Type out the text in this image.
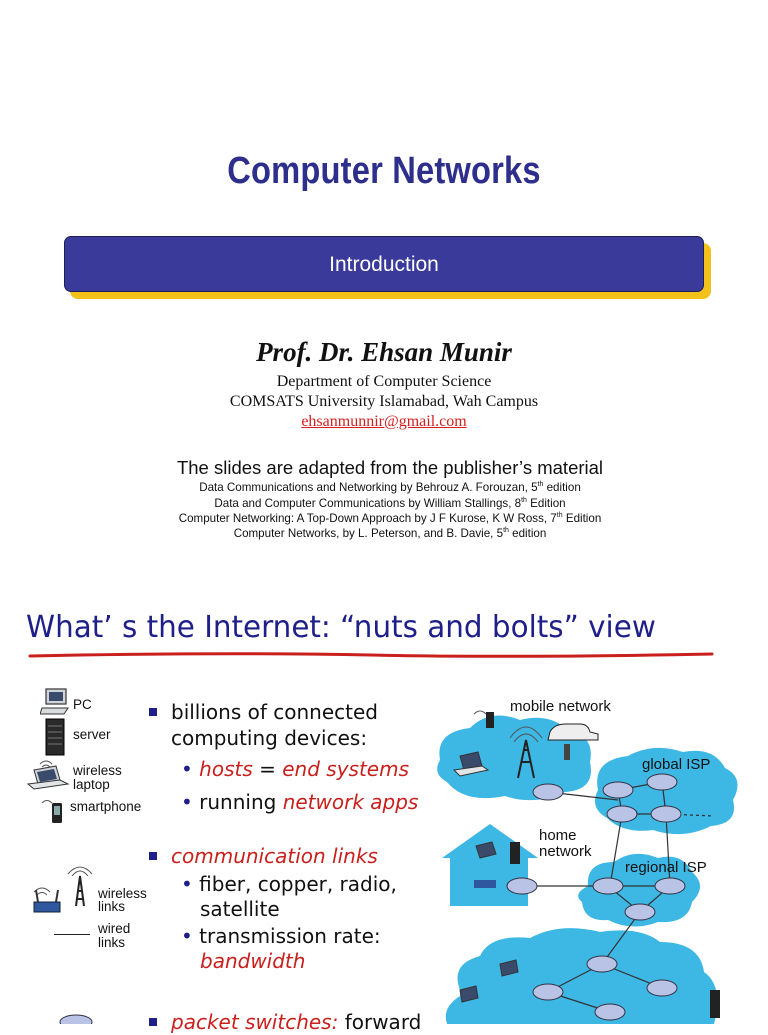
Computer Networks
Introduction
Prof. Dr. Ehsan Munir
Department of Computer Science
COMSATS University Islamabad, Wah Campus
ehsanmunnir@gmail.com
The slides are adapted from the publisher’s material
Data Communications and Networking by Behrouz A. Forouzan, 5th edition
Data and Computer Communications by William Stallings, 8th Edition
Computer Networking: A Top-Down Approach by J F Kurose, K W Ross, 7th Edition
Computer Networks, by L. Peterson, and B. Davie, 5th edition
What’ s the Internet: “nuts and bolts” view
PC
server
wireless
laptop
smartphone
wireless
links
wired
links
billions of connected
computing devices:
• hosts = end systems
• running network apps
communication links
• fiber, copper, radio,
satellite
• transmission rate:
bandwidth
packet switches: forward
mobile network
global ISP
home
network
regional ISP
